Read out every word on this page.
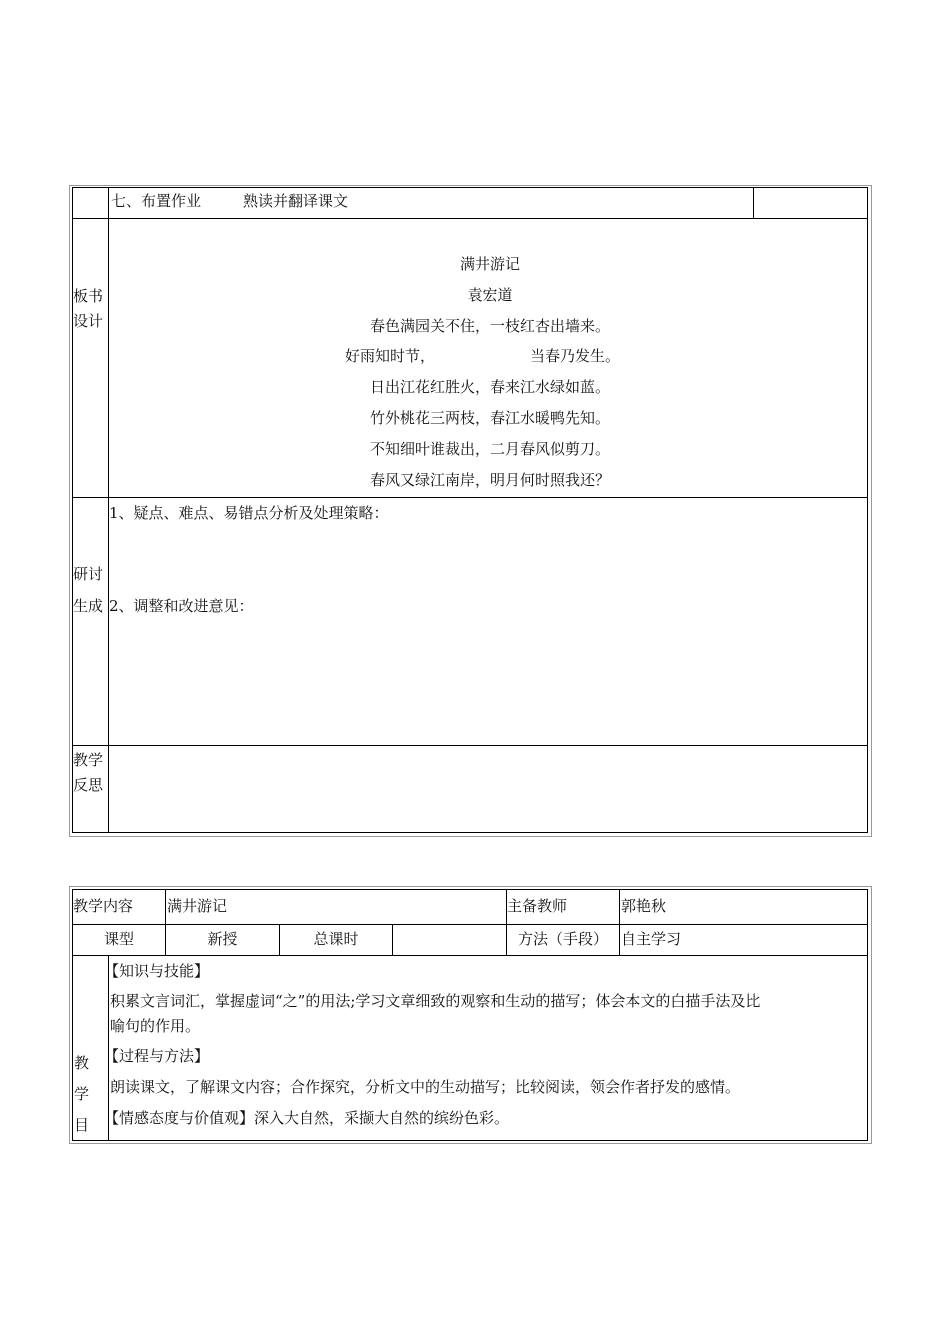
七、布置作业	熟读并翻译课文
板书
设计
满井游记
袁宏道
春色满园关不住，一枝红杏出墙来。
好雨知时节，	当春乃发生。
日出江花红胜火，春来江水绿如蓝。
竹外桃花三两枝，春江水暖鸭先知。
不知细叶谁裁出，二月春风似剪刀。
春风又绿江南岸，明月何时照我还？
研讨
生成
1、疑点、难点、易错点分析及处理策略：
2、调整和改进意见：
教学
反思
教学内容 满井游记	主备教师	郭艳秋
课型	新授	总课时	方法（手段） 自主学习
教
学
目
【知识与技能】
积累文言词汇，掌握虚词“之”的用法;学习文章细致的观察和生动的描写；体会本文的白描手法及比
喻句的作用。
【过程与方法】
朗读课文，了解课文内容；合作探究，分析文中的生动描写；比较阅读，领会作者抒发的感情。
【情感态度与价值观】深入大自然，采撷大自然的缤纷色彩。
